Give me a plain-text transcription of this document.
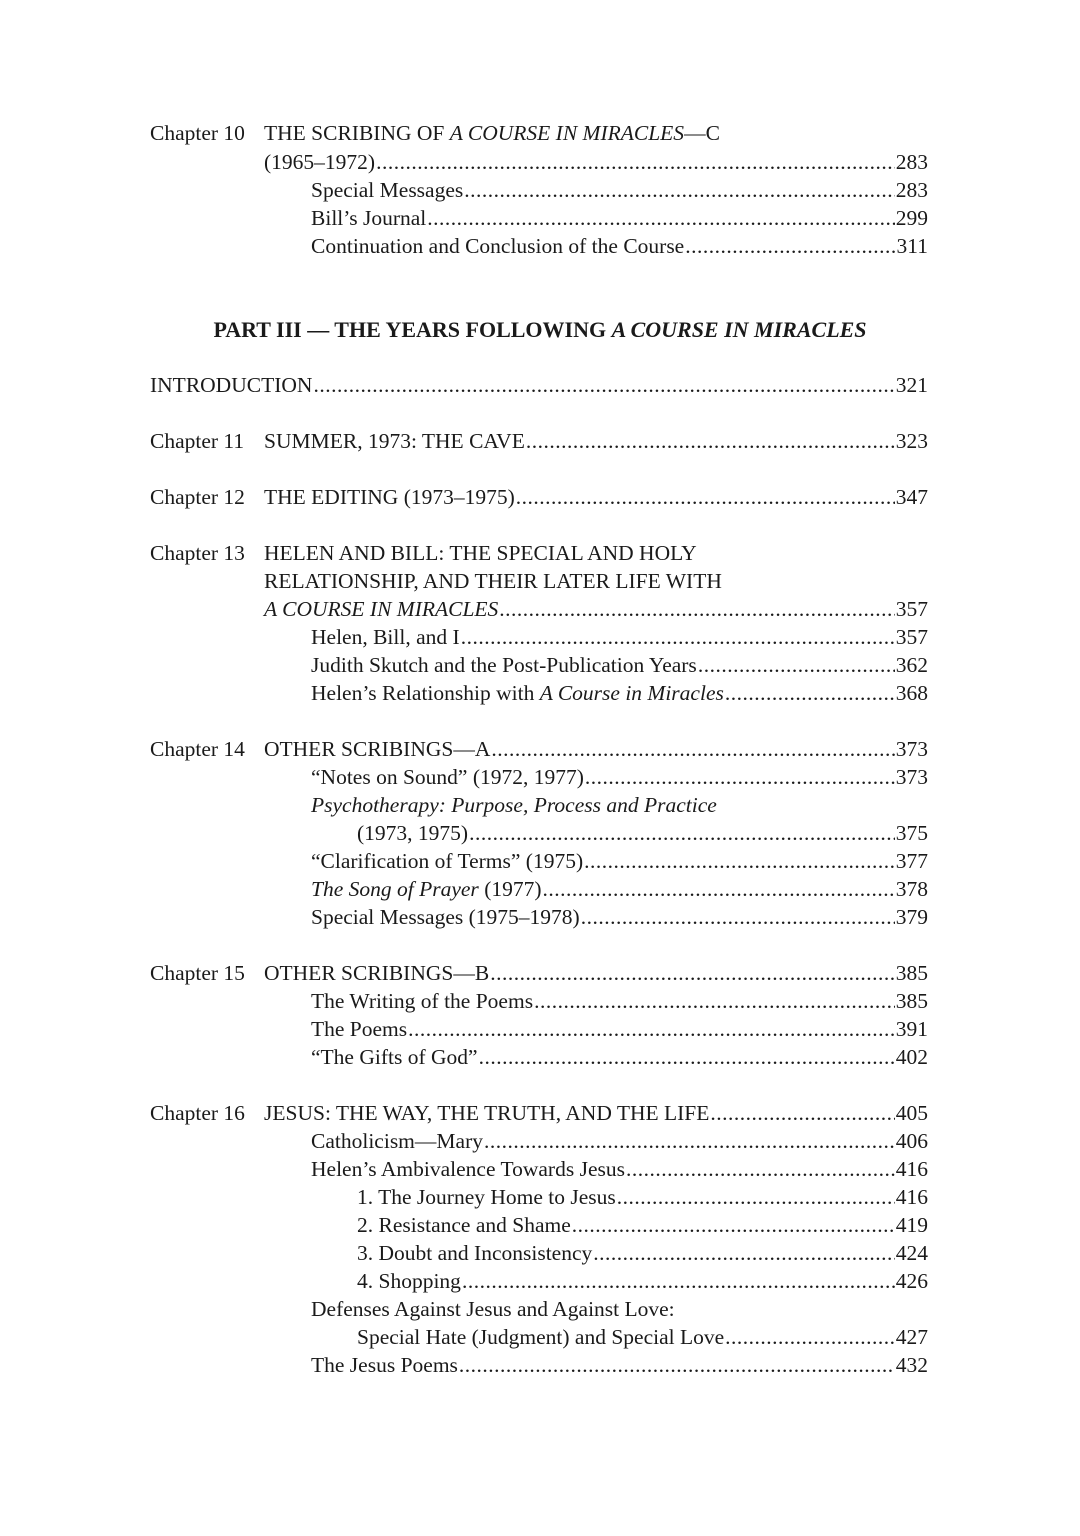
Chapter 10 THE SCRIBING OF A COURSE IN MIRACLES—C
(1965–1972) .....	283
Special Messages .....	283
Bill’s Journal .....	299
Continuation and Conclusion of the Course .....	311
PART III — THE YEARS FOLLOWING A COURSE IN MIRACLES
INTRODUCTION .....	321
Chapter 11 SUMMER, 1973: THE CAVE .....	323
Chapter 12 THE EDITING (1973–1975) .....	347
Chapter 13 HELEN AND BILL: THE SPECIAL AND HOLY
RELATIONSHIP, AND THEIR LATER LIFE WITH
A COURSE IN MIRACLES .....	357
Helen, Bill, and I .....	357
Judith Skutch and the Post-Publication Years .....	362
Helen’s Relationship with A Course in Miracles .....	368
Chapter 14 OTHER SCRIBINGS—A .....	373
“Notes on Sound” (1972, 1977) .....	373
Psychotherapy: Purpose, Process and Practice
(1973, 1975) .....	375
“Clarification of Terms” (1975) .....	377
The Song of Prayer (1977) .....	378
Special Messages (1975–1978) .....	379
Chapter 15 OTHER SCRIBINGS—B .....	385
The Writing of the Poems .....	385
The Poems .....	391
“The Gifts of God” .....	402
Chapter 16 JESUS: THE WAY, THE TRUTH, AND THE LIFE .....	405
Catholicism—Mary .....	406
Helen’s Ambivalence Towards Jesus .....	416
1. The Journey Home to Jesus .....	416
2. Resistance and Shame .....	419
3. Doubt and Inconsistency .....	424
4. Shopping .....	426
Defenses Against Jesus and Against Love:
Special Hate (Judgment) and Special Love .....	427
The Jesus Poems .....	432
